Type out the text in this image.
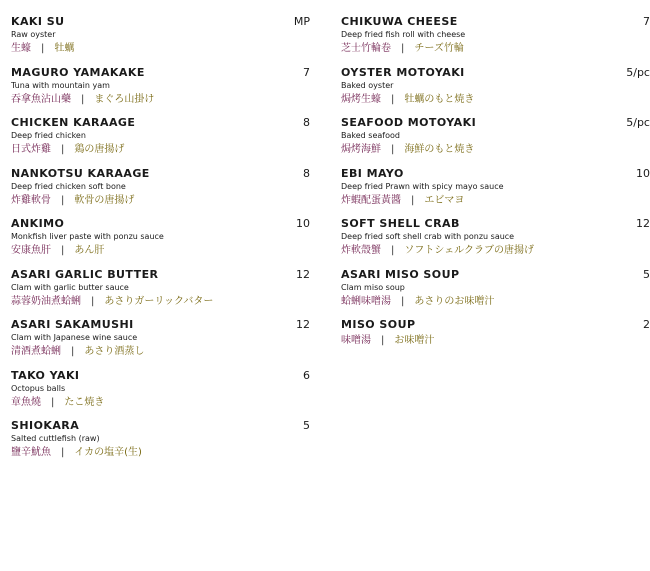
KAKI SU	MP
Raw oyster
生蠔 | 牡蠣
MAGURO YAMAKAKE	7
Tuna with mountain yam
吞拿魚沾山藥 | まぐろ山掛け
CHICKEN KARAAGE	8
Deep fried chicken
日式炸雞 | 鶏の唐揚げ
NANKOTSU KARAAGE	8
Deep fried chicken soft bone
炸雞軟骨 | 軟骨の唐揚げ
ANKIMO	10
Monkfish liver paste with ponzu sauce
安康魚肝 | あん肝
ASARI GARLIC BUTTER	12
Clam with garlic butter sauce
蒜蓉奶油煮蛤蜊 | あさりガーリックバター
ASARI SAKAMUSHI	12
Clam with Japanese wine sauce
清酒煮蛤蜊 | あさり酒蒸し
TAKO YAKI	6
Octopus balls
章魚燒 | たこ焼き
SHIOKARA	5
Salted cuttlefish (raw)
鹽辛魷魚 | イカの塩辛(生)
CHIKUWA CHEESE	7
Deep fried fish roll with cheese
芝士竹輪卷 | チーズ竹輪
OYSTER MOTOYAKI	5/pc
Baked oyster
焗烤生蠔 | 牡蠣のもと焼き
SEAFOOD MOTOYAKI	5/pc
Baked seafood
焗烤海鮮 | 海鮮のもと焼き
EBI MAYO	10
Deep fried Prawn with spicy mayo sauce
炸蝦配蛋黃醬 | エビマヨ
SOFT SHELL CRAB	12
Deep fried soft shell crab with ponzu sauce
炸軟殼蟹 | ソフトシェルクラブの唐揚げ
ASARI MISO SOUP	5
Clam miso soup
蛤蜊味噌湯 | あさりのお味噌汁
MISO SOUP	2
味噌湯 | お味噌汁
